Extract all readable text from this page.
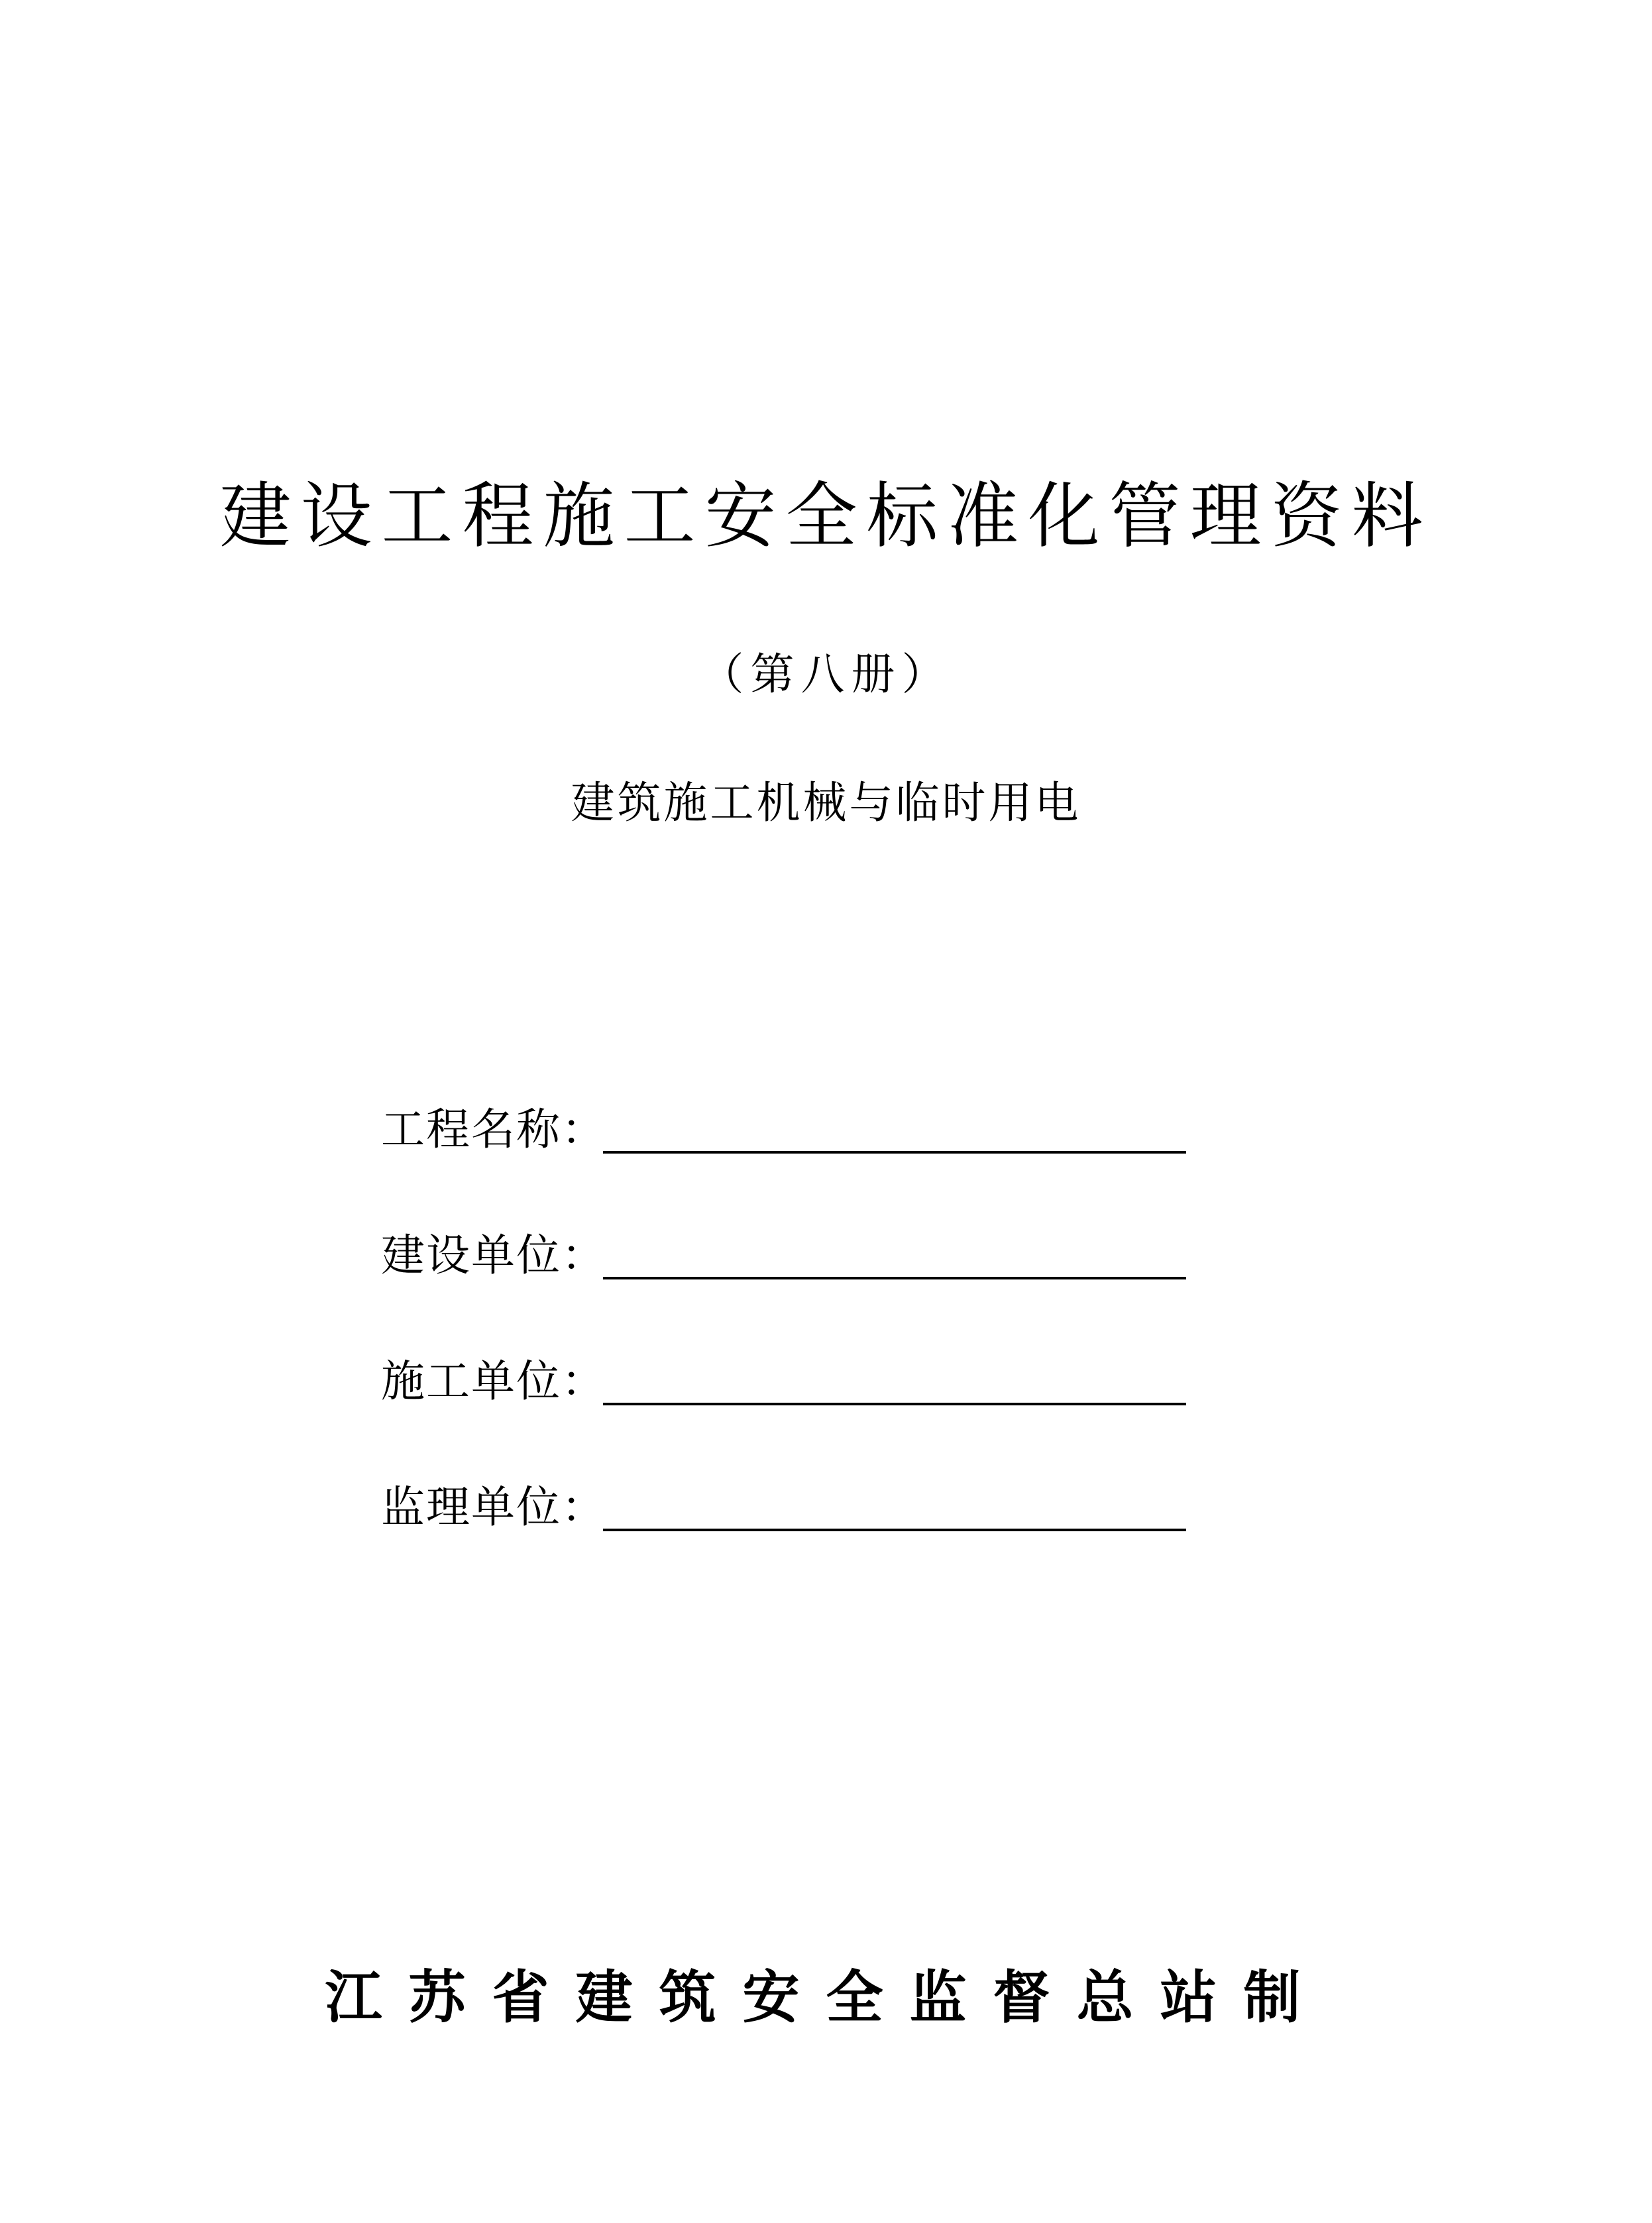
建设工程施工安全标准化管理资料
（第八册）
建筑施工机械与临时用电
工程名称：
建设单位：
施工单位：
监理单位：
江苏省建筑安全监督总站制
